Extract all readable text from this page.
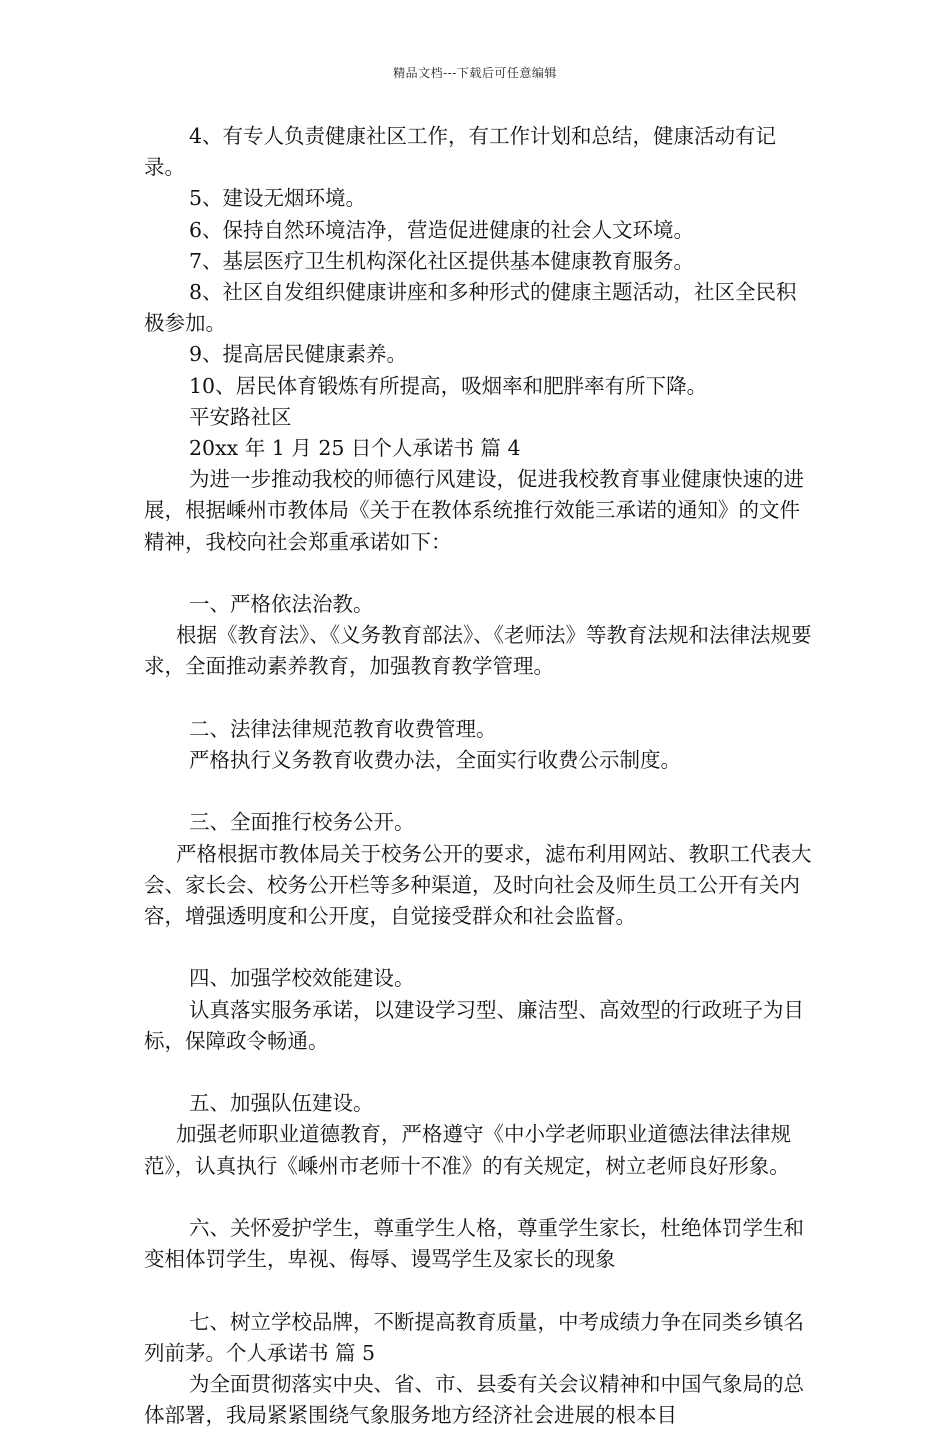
精品文档---下载后可任意编辑

4、有专人负责健康社区工作，有工作计划和总结，健康活动有记录。

5、建设无烟环境。

6、保持自然环境洁净，营造促进健康的社会人文环境。

7、基层医疗卫生机构深化社区提供基本健康教育服务。

8、社区自发组织健康讲座和多种形式的健康主题活动，社区全民积极参加。

9、提高居民健康素养。

10、居民体育锻炼有所提高，吸烟率和肥胖率有所下降。

平安路社区

20xx 年 1 月 25 日个人承诺书 篇 4

为进一步推动我校的师德行风建设，促进我校教育事业健康快速的进展，根据嵊州市教体局《关于在教体系统推行效能三承诺的通知》的文件精神，我校向社会郑重承诺如下：

一、严格依法治教。

根据《教育法》、《义务教育部法》、《老师法》等教育法规和法律法规要求，全面推动素养教育，加强教育教学管理。

二、法律法律规范教育收费管理。

严格执行义务教育收费办法，全面实行收费公示制度。

三、全面推行校务公开。

严格根据市教体局关于校务公开的要求，滤布利用网站、教职工代表大会、家长会、校务公开栏等多种渠道，及时向社会及师生员工公开有关内容，增强透明度和公开度，自觉接受群众和社会监督。

四、加强学校效能建设。

认真落实服务承诺，以建设学习型、廉洁型、高效型的行政班子为目标，保障政令畅通。

五、加强队伍建设。

加强老师职业道德教育，严格遵守《中小学老师职业道德法律法律规范》，认真执行《嵊州市老师十不准》的有关规定，树立老师良好形象。

六、关怀爱护学生，尊重学生人格，尊重学生家长，杜绝体罚学生和变相体罚学生，卑视、侮辱、谩骂学生及家长的现象

七、树立学校品牌，不断提高教育质量，中考成绩力争在同类乡镇名列前茅。个人承诺书 篇 5

为全面贯彻落实中央、省、市、县委有关会议精神和中国气象局的总体部署，我局紧紧围绕气象服务地方经济社会进展的根本目
